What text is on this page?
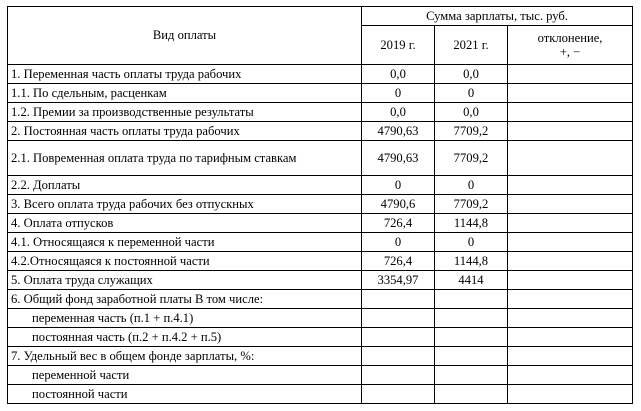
Вид оплаты	Сумма зарплаты, тыс. руб.		
	2019 г.	2021 г.	отклонение,
+, −
1. Переменная часть оплаты труда рабочих	0,0	0,0	
1.1. По сдельным, расценкам	0	0	
1.2. Премии за производственные результаты	0,0	0,0	
2. Постоянная часть оплаты труда рабочих	4790,63	7709,2	
2.1. Повременная оплата труда по тарифным ставкам	4790,63	7709,2	
2.2. Доплаты	0	0	
3. Всего оплата труда рабочих без отпускных	4790,6	7709,2	
4. Оплата отпусков	726,4	1144,8	
4.1. Относящаяся к переменной части	0	0	
4.2.Относящаяся к постоянной части	726,4	1144,8	
5. Оплата труда служащих	3354,97	4414	
6. Общий фонд заработной платы В том числе:			
переменная часть (п.1 + п.4.1)			
постоянная часть (п.2 + п.4.2 + п.5)			
7. Удельный вес в общем фонде зарплаты, %:			
переменной части			
постоянной части			
